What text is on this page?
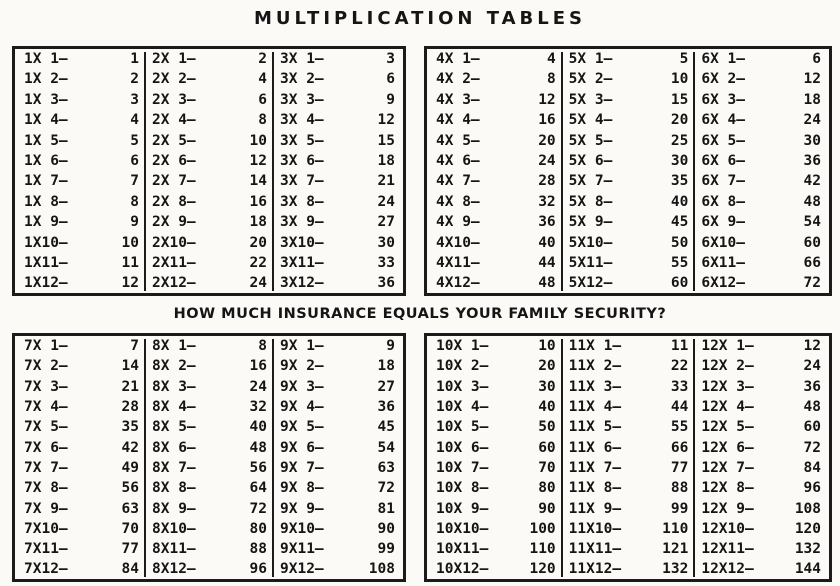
MULTIPLICATION TABLES
1X 1—	1
1X 2—	2
1X 3—	3
1X 4—	4
1X 5—	5
1X 6—	6
1X 7—	7
1X 8—	8
1X 9—	9
1X10—	10
1X11—	11
1X12—	12
2X 1—	2
2X 2—	4
2X 3—	6
2X 4—	8
2X 5—	10
2X 6—	12
2X 7—	14
2X 8—	16
2X 9—	18
2X10—	20
2X11—	22
2X12—	24
3X 1—	3
3X 2—	6
3X 3—	9
3X 4—	12
3X 5—	15
3X 6—	18
3X 7—	21
3X 8—	24
3X 9—	27
3X10—	30
3X11—	33
3X12—	36
4X 1—	4
4X 2—	8
4X 3—	12
4X 4—	16
4X 5—	20
4X 6—	24
4X 7—	28
4X 8—	32
4X 9—	36
4X10—	40
4X11—	44
4X12—	48
5X 1—	5
5X 2—	10
5X 3—	15
5X 4—	20
5X 5—	25
5X 6—	30
5X 7—	35
5X 8—	40
5X 9—	45
5X10—	50
5X11—	55
5X12—	60
6X 1—	6
6X 2—	12
6X 3—	18
6X 4—	24
6X 5—	30
6X 6—	36
6X 7—	42
6X 8—	48
6X 9—	54
6X10—	60
6X11—	66
6X12—	72
HOW MUCH INSURANCE EQUALS YOUR FAMILY SECURITY?
7X 1—	7
7X 2—	14
7X 3—	21
7X 4—	28
7X 5—	35
7X 6—	42
7X 7—	49
7X 8—	56
7X 9—	63
7X10—	70
7X11—	77
7X12—	84
8X 1—	8
8X 2—	16
8X 3—	24
8X 4—	32
8X 5—	40
8X 6—	48
8X 7—	56
8X 8—	64
8X 9—	72
8X10—	80
8X11—	88
8X12—	96
9X 1—	9
9X 2—	18
9X 3—	27
9X 4—	36
9X 5—	45
9X 6—	54
9X 7—	63
9X 8—	72
9X 9—	81
9X10—	90
9X11—	99
9X12—	108
10X 1—	10
10X 2—	20
10X 3—	30
10X 4—	40
10X 5—	50
10X 6—	60
10X 7—	70
10X 8—	80
10X 9—	90
10X10—	100
10X11—	110
10X12—	120
11X 1—	11
11X 2—	22
11X 3—	33
11X 4—	44
11X 5—	55
11X 6—	66
11X 7—	77
11X 8—	88
11X 9—	99
11X10—	110
11X11—	121
11X12—	132
12X 1—	12
12X 2—	24
12X 3—	36
12X 4—	48
12X 5—	60
12X 6—	72
12X 7—	84
12X 8—	96
12X 9—	108
12X10—	120
12X11—	132
12X12—	144
